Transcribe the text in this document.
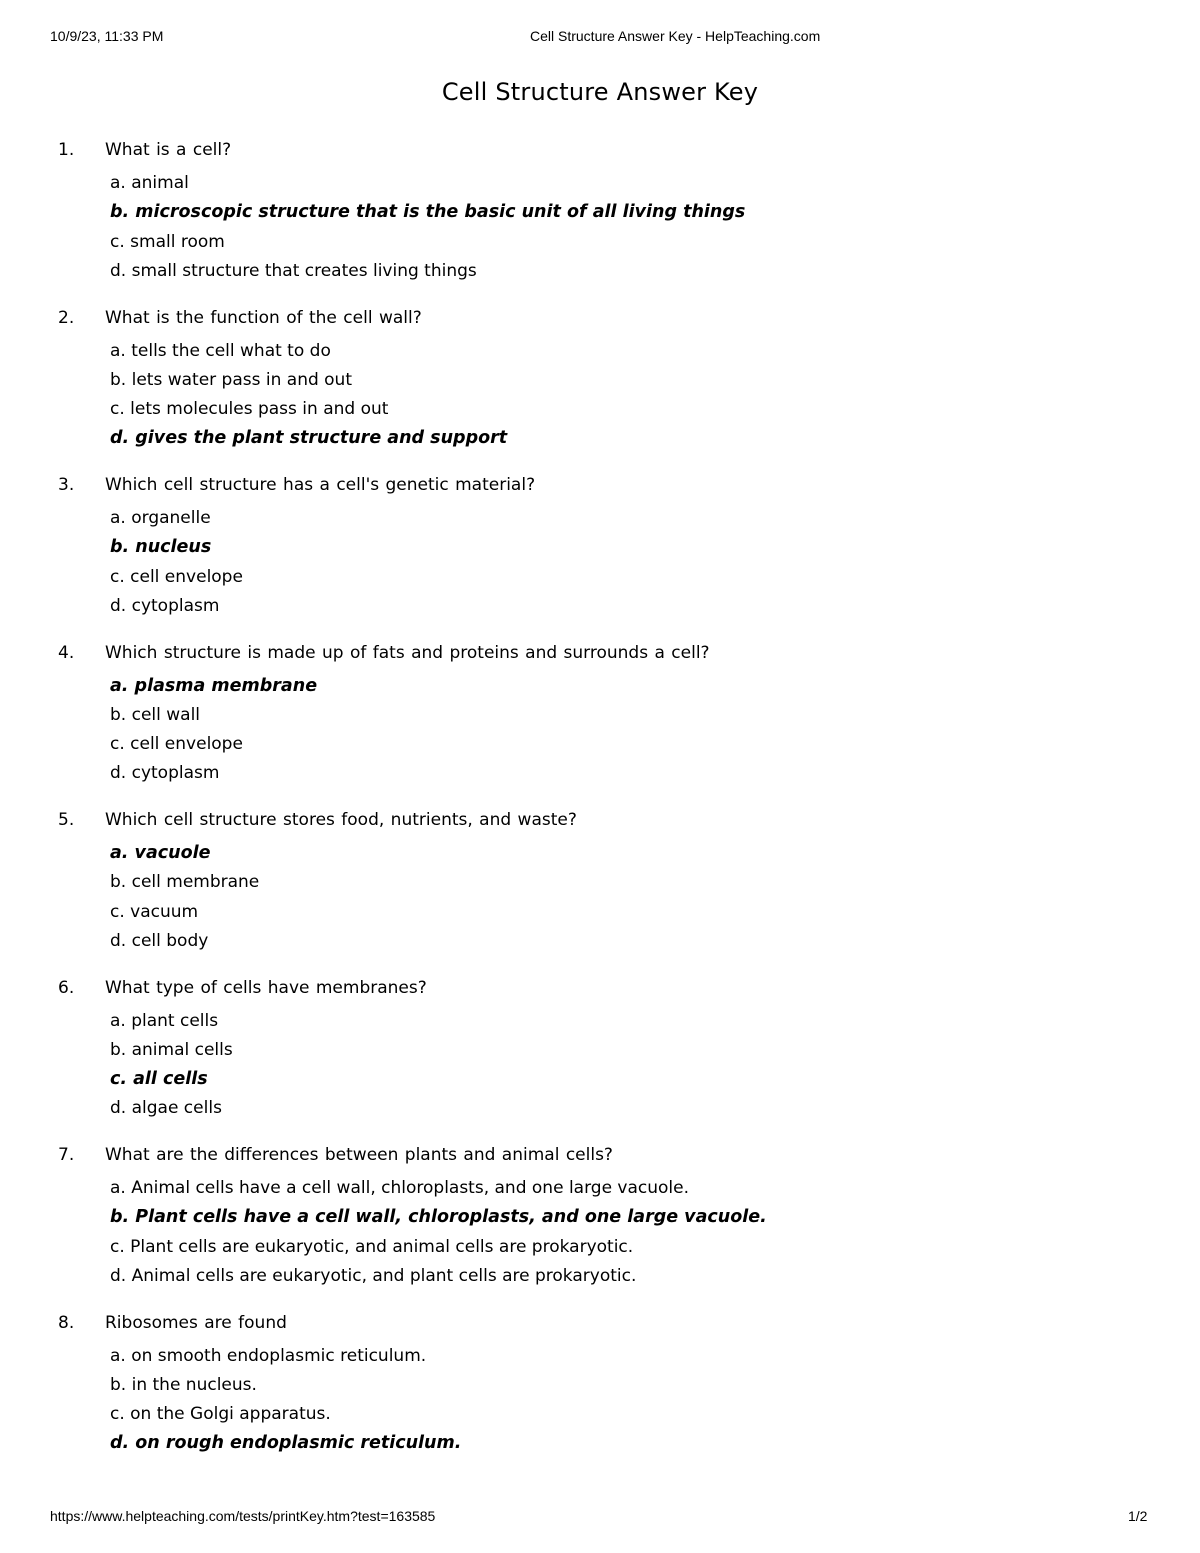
10/9/23, 11:33 PM	Cell Structure Answer Key - HelpTeaching.com
Cell Structure Answer Key
1. What is a cell?
a. animal
b. microscopic structure that is the basic unit of all living things
c. small room
d. small structure that creates living things
2. What is the function of the cell wall?
a. tells the cell what to do
b. lets water pass in and out
c. lets molecules pass in and out
d. gives the plant structure and support
3. Which cell structure has a cell's genetic material?
a. organelle
b. nucleus
c. cell envelope
d. cytoplasm
4. Which structure is made up of fats and proteins and surrounds a cell?
a. plasma membrane
b. cell wall
c. cell envelope
d. cytoplasm
5. Which cell structure stores food, nutrients, and waste?
a. vacuole
b. cell membrane
c. vacuum
d. cell body
6. What type of cells have membranes?
a. plant cells
b. animal cells
c. all cells
d. algae cells
7. What are the differences between plants and animal cells?
a. Animal cells have a cell wall, chloroplasts, and one large vacuole.
b. Plant cells have a cell wall, chloroplasts, and one large vacuole.
c. Plant cells are eukaryotic, and animal cells are prokaryotic.
d. Animal cells are eukaryotic, and plant cells are prokaryotic.
8. Ribosomes are found
a. on smooth endoplasmic reticulum.
b. in the nucleus.
c. on the Golgi apparatus.
d. on rough endoplasmic reticulum.
https://www.helpteaching.com/tests/printKey.htm?test=163585	1/2
